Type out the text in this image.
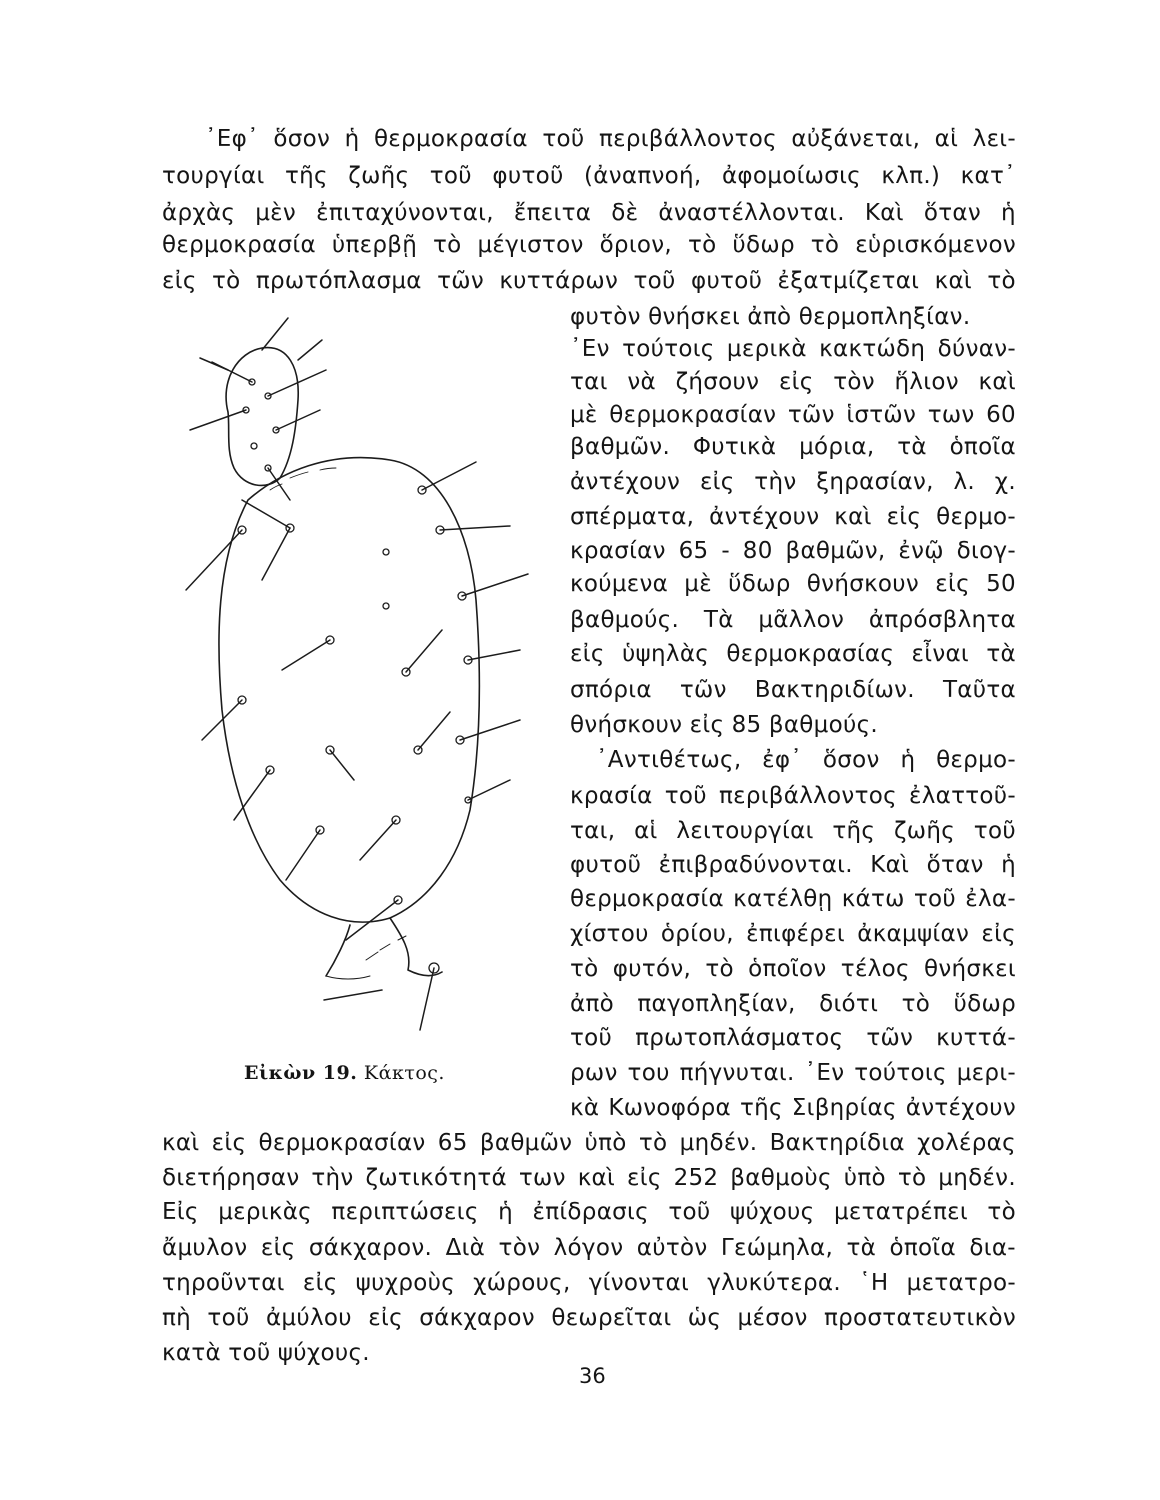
᾿Εφ᾿ ὅσον ἡ θερμοκρασία τοῦ περιβάλλοντος αὐξάνεται, αἱ λει-
τουργίαι τῆς ζωῆς τοῦ φυτοῦ (ἀναπνοή, ἀφομοίωσις κλπ.) κατ᾿
ἀρχὰς μὲν ἐπιταχύνονται, ἔπειτα δὲ ἀναστέλλονται. Καὶ ὅταν ἡ
θερμοκρασία ὑπερβῇ τὸ μέγιστον ὅριον, τὸ ὕδωρ τὸ εὑρισκόμενον
εἰς τὸ πρωτόπλασμα τῶν κυττάρων τοῦ φυτοῦ ἐξατμίζεται καὶ τὸ
φυτὸν θνήσκει ἀπὸ θερμοπληξίαν.
᾿Εν τούτοις μερικὰ κακτώδη δύναν-
ται νὰ ζήσουν εἰς τὸν ἥλιον καὶ
μὲ θερμοκρασίαν τῶν ἱστῶν των 60
βαθμῶν. Φυτικὰ μόρια, τὰ ὁποῖα
ἀντέχουν εἰς τὴν ξηρασίαν, λ. χ.
σπέρματα, ἀντέχουν καὶ εἰς θερμο-
κρασίαν 65 - 80 βαθμῶν, ἐνῷ διογ-
κούμενα μὲ ὕδωρ θνήσκουν εἰς 50
βαθμούς. Τὰ μᾶλλον ἀπρόσβλητα
εἰς ὑψηλὰς θερμοκρασίας εἶναι τὰ
σπόρια τῶν Βακτηριδίων. Ταῦτα
θνήσκουν εἰς 85 βαθμούς.
᾿Αντιθέτως, ἐφ᾿ ὅσον ἡ θερμο-
κρασία τοῦ περιβάλλοντος ἐλαττοῦ-
ται, αἱ λειτουργίαι τῆς ζωῆς τοῦ
φυτοῦ ἐπιβραδύνονται. Καὶ ὅταν ἡ
θερμοκρασία κατέλθῃ κάτω τοῦ ἐλα-
χίστου ὁρίου, ἐπιφέρει ἀκαμψίαν εἰς
τὸ φυτόν, τὸ ὁποῖον τέλος θνήσκει
ἀπὸ παγοπληξίαν, διότι τὸ ὕδωρ
τοῦ πρωτοπλάσματος τῶν κυττά-
ρων του πήγνυται. ᾿Εν τούτοις μερι-
κὰ Κωνοφόρα τῆς Σιβηρίας ἀντέχουν
καὶ εἰς θερμοκρασίαν 65 βαθμῶν ὑπὸ τὸ μηδέν. Βακτηρίδια χολέρας
διετήρησαν τὴν ζωτικότητά των καὶ εἰς 252 βαθμοὺς ὑπὸ τὸ μηδέν.
Εἰς μερικὰς περιπτώσεις ἡ ἐπίδρασις τοῦ ψύχους μετατρέπει τὸ
ἄμυλον εἰς σάκχαρον. Διὰ τὸν λόγον αὐτὸν Γεώμηλα, τὰ ὁποῖα δια-
τηροῦνται εἰς ψυχροὺς χώρους, γίνονται γλυκύτερα. ῾Η μετατρο-
πὴ τοῦ ἀμύλου εἰς σάκχαρον θεωρεῖται ὡς μέσον προστατευτικὸν
κατὰ τοῦ ψύχους.
Εἰκὼν 19. Κάκτος.
36
